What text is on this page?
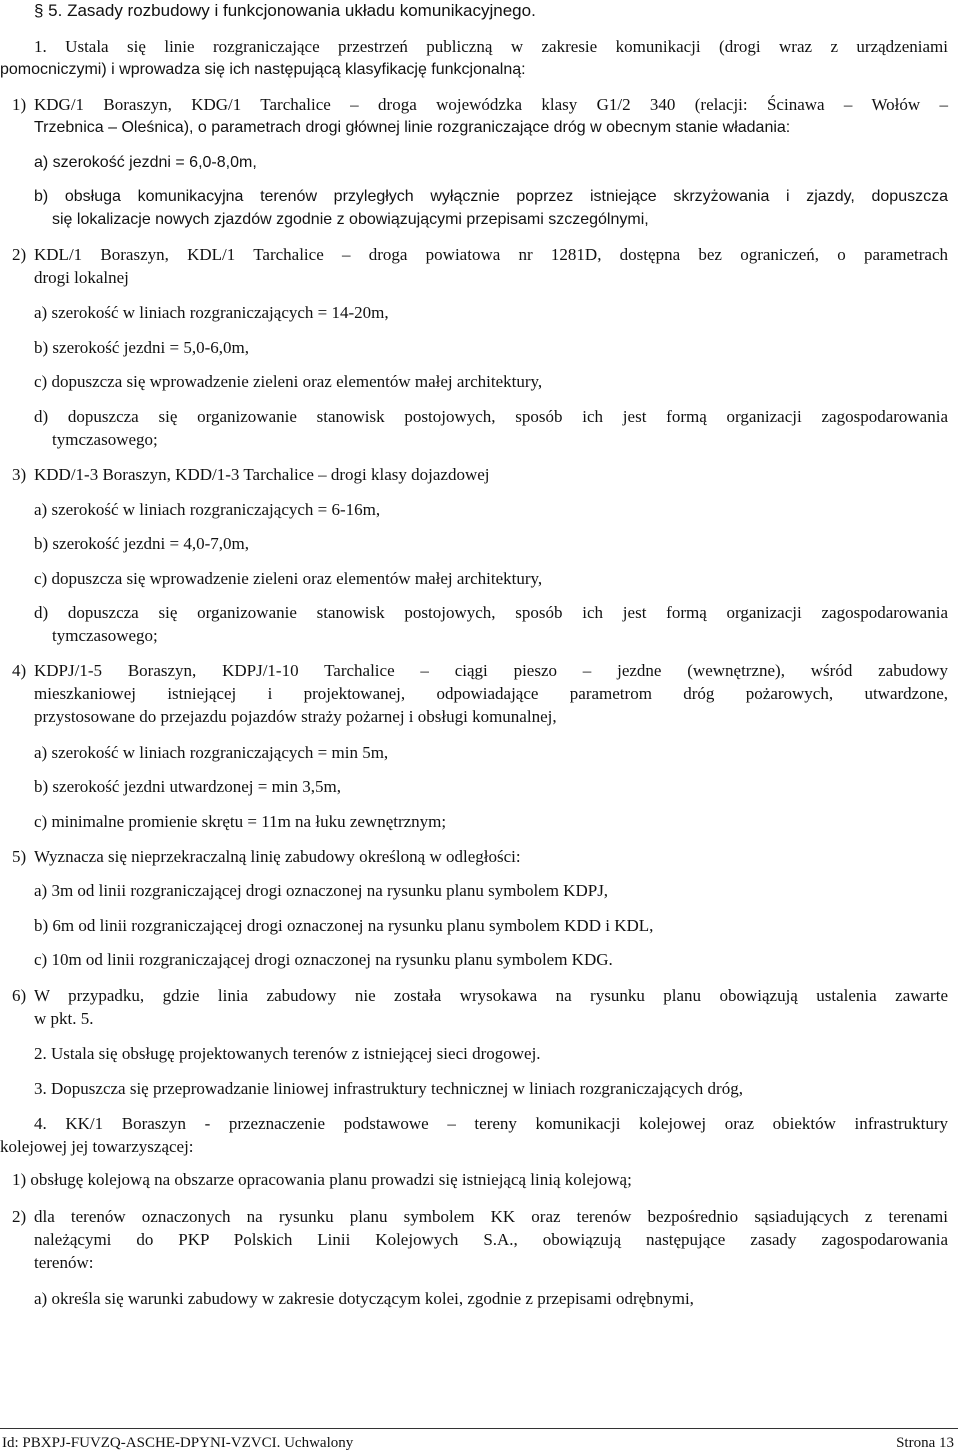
§ 5. Zasady rozbudowy i funkcjonowania układu komunikacyjnego.
1. Ustala się linie rozgraniczające przestrzeń publiczną w zakresie komunikacji (drogi wraz z urządzeniami
pomocniczymi) i wprowadza się ich następującą klasyfikację funkcjonalną:
1) KDG/1 Boraszyn, KDG/1 Tarchalice – droga wojewódzka klasy G1/2 340 (relacji: Ścinawa – Wołów –
Trzebnica – Oleśnica), o parametrach drogi głównej linie rozgraniczające dróg w obecnym stanie władania:
a) szerokość jezdni = 6,0-8,0m,
b) obsługa komunikacyjna terenów przyległych wyłącznie poprzez istniejące skrzyżowania i zjazdy, dopuszcza
się lokalizacje nowych zjazdów zgodnie z obowiązującymi przepisami szczególnymi,
2) KDL/1 Boraszyn, KDL/1 Tarchalice – droga powiatowa nr 1281D, dostępna bez ograniczeń, o parametrach
drogi lokalnej
a) szerokość w liniach rozgraniczających = 14-20m,
b) szerokość jezdni = 5,0-6,0m,
c) dopuszcza się wprowadzenie zieleni oraz elementów małej architektury,
d) dopuszcza się organizowanie stanowisk postojowych, sposób ich jest formą organizacji zagospodarowania
tymczasowego;
3) KDD/1-3 Boraszyn, KDD/1-3 Tarchalice – drogi klasy dojazdowej
a) szerokość w liniach rozgraniczających = 6-16m,
b) szerokość jezdni = 4,0-7,0m,
c) dopuszcza się wprowadzenie zieleni oraz elementów małej architektury,
d) dopuszcza się organizowanie stanowisk postojowych, sposób ich jest formą organizacji zagospodarowania
tymczasowego;
4) KDPJ/1-5 Boraszyn, KDPJ/1-10 Tarchalice – ciągi pieszo – jezdne (wewnętrzne), wśród zabudowy
mieszkaniowej istniejącej i projektowanej, odpowiadające parametrom dróg pożarowych, utwardzone,
przystosowane do przejazdu pojazdów straży pożarnej i obsługi komunalnej,
a) szerokość w liniach rozgraniczających = min 5m,
b) szerokość jezdni utwardzonej = min 3,5m,
c) minimalne promienie skrętu = 11m na łuku zewnętrznym;
5) Wyznacza się nieprzekraczalną linię zabudowy określoną w odległości:
a) 3m od linii rozgraniczającej drogi oznaczonej na rysunku planu symbolem KDPJ,
b) 6m od linii rozgraniczającej drogi oznaczonej na rysunku planu symbolem KDD i KDL,
c) 10m od linii rozgraniczającej drogi oznaczonej na rysunku planu symbolem KDG.
6) W przypadku, gdzie linia zabudowy nie została wrysokawa na rysunku planu obowiązują ustalenia zawarte
w pkt. 5.
2. Ustala się obsługę projektowanych terenów z istniejącej sieci drogowej.
3. Dopuszcza się przeprowadzanie liniowej infrastruktury technicznej w liniach rozgraniczających dróg,
4. KK/1 Boraszyn - przeznaczenie podstawowe – tereny komunikacji kolejowej oraz obiektów infrastruktury
kolejowej jej towarzyszącej:
1) obsługę kolejową na obszarze opracowania planu prowadzi się istniejącą linią kolejową;
2) dla terenów oznaczonych na rysunku planu symbolem KK oraz terenów bezpośrednio sąsiadujących z terenami
należącymi do PKP Polskich Linii Kolejowych S.A., obowiązują następujące zasady zagospodarowania
terenów:
a) określa się warunki zabudowy w zakresie dotyczącym kolei, zgodnie z przepisami odrębnymi,
Id: PBXPJ-FUVZQ-ASCHE-DPYNI-VZVCI. Uchwalony	Strona 13
